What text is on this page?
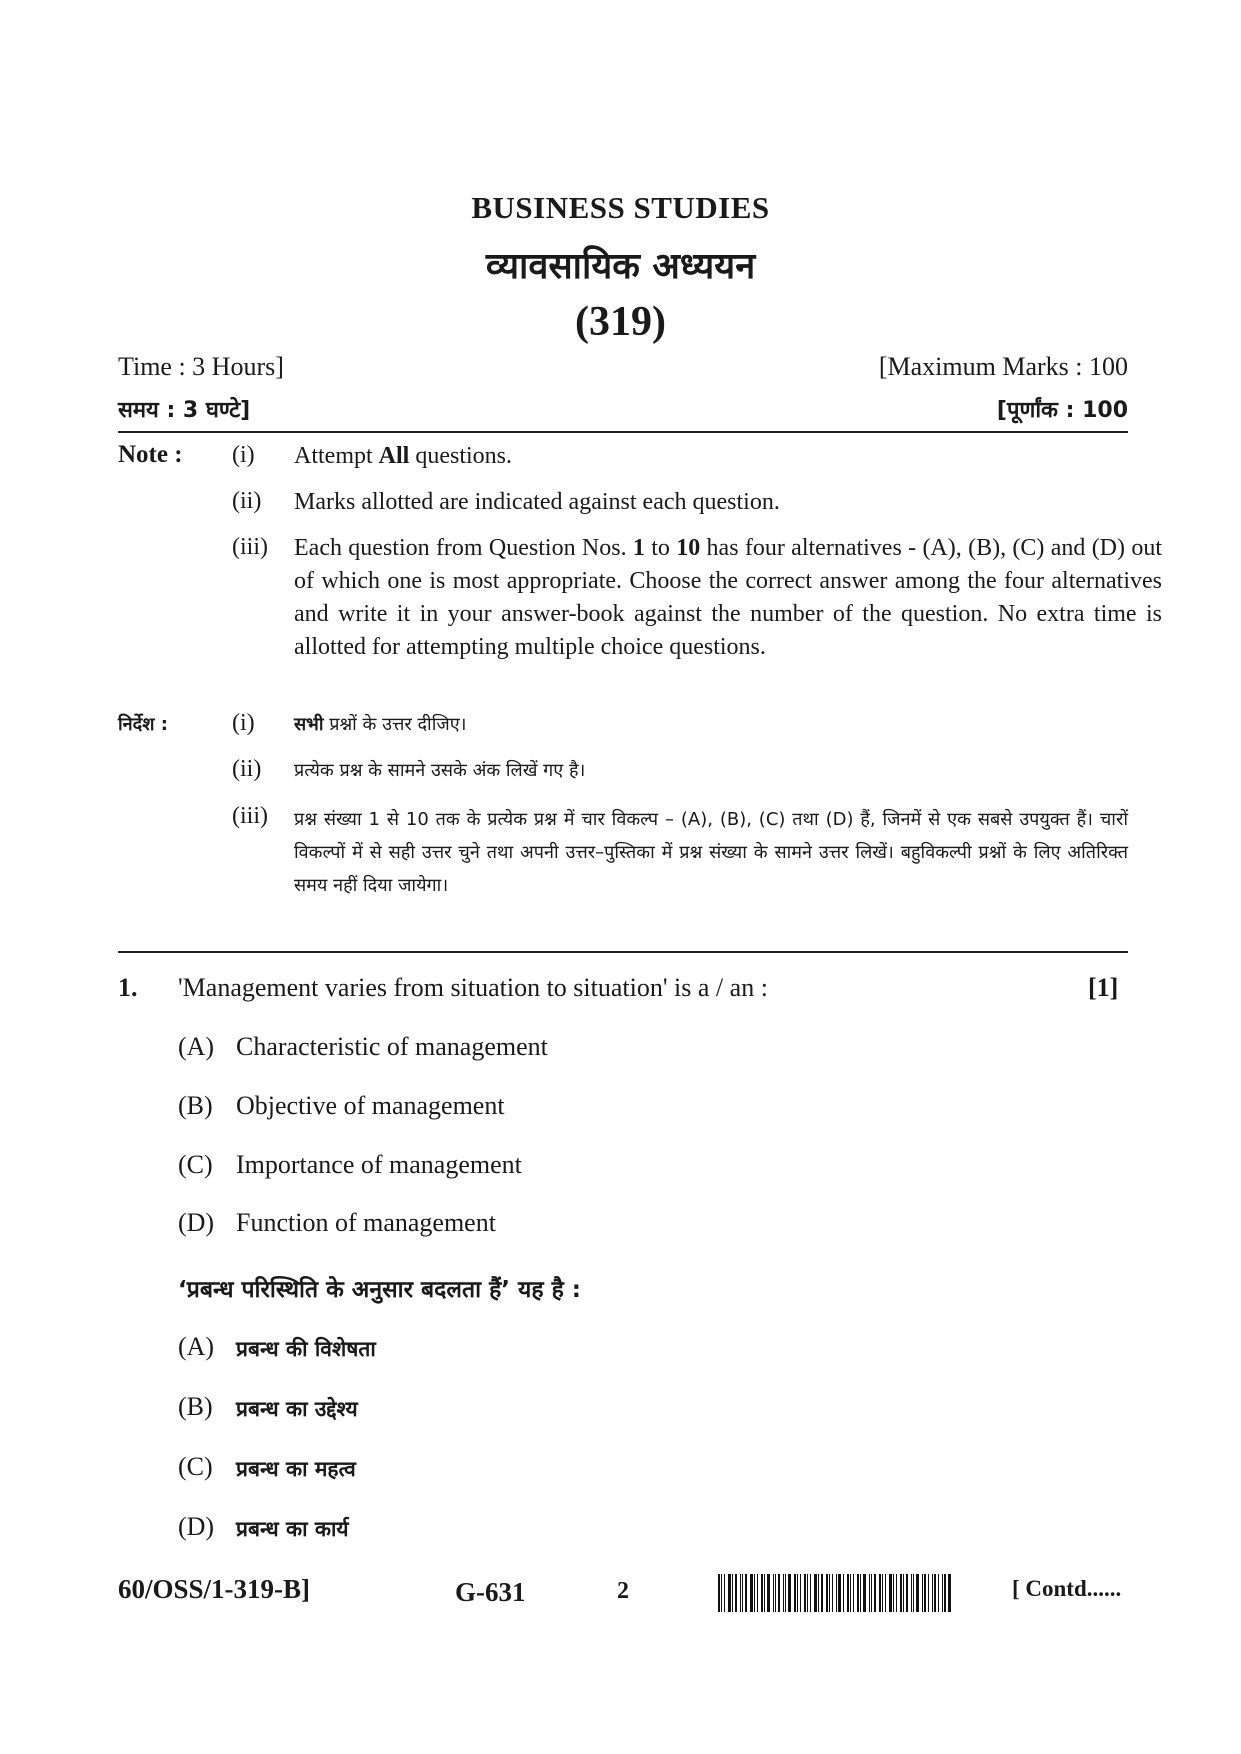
BUSINESS STUDIES
व्यावसायिक अध्ययन
(319)
Time : 3 Hours]	[Maximum Marks : 100
समय : 3 घण्टे]	[पूर्णांक : 100
Note : (i) Attempt All questions.
(ii) Marks allotted are indicated against each question.
(iii) Each question from Question Nos. 1 to 10 has four alternatives - (A), (B), (C) and (D) out of which one is most appropriate. Choose the correct answer among the four alternatives and write it in your answer-book against the number of the question. No extra time is allotted for attempting multiple choice questions.
निर्देश :	(i) सभी प्रश्नों के उत्तर दीजिए।
(ii) प्रत्येक प्रश्न के सामने उसके अंक लिखें गए है।
(iii) प्रश्न संख्या 1 से 10 तक के प्रत्येक प्रश्न में चार विकल्प – (A), (B), (C) तथा (D) हैं, जिनमें से एक सबसे उपयुक्त हैं। चारों विकल्पों में से सही उत्तर चुने तथा अपनी उत्तर–पुस्तिका में प्रश्न संख्या के सामने उत्तर लिखें। बहुविकल्पी प्रश्नों के लिए अतिरिक्त समय नहीं दिया जायेगा।
1. 'Management varies from situation to situation' is a / an :	[1]
(A) Characteristic of management
(B) Objective of management
(C) Importance of management
(D) Function of management
‘प्रबन्ध परिस्थिति के अनुसार बदलता हैं’ यह है :
(A)	प्रबन्ध की विशेषता
(B)	प्रबन्ध का उद्देश्य
(C)	प्रबन्ध का महत्व
(D)	प्रबन्ध का कार्य
60/OSS/1-319-B]	G-631	2	[ Contd......
